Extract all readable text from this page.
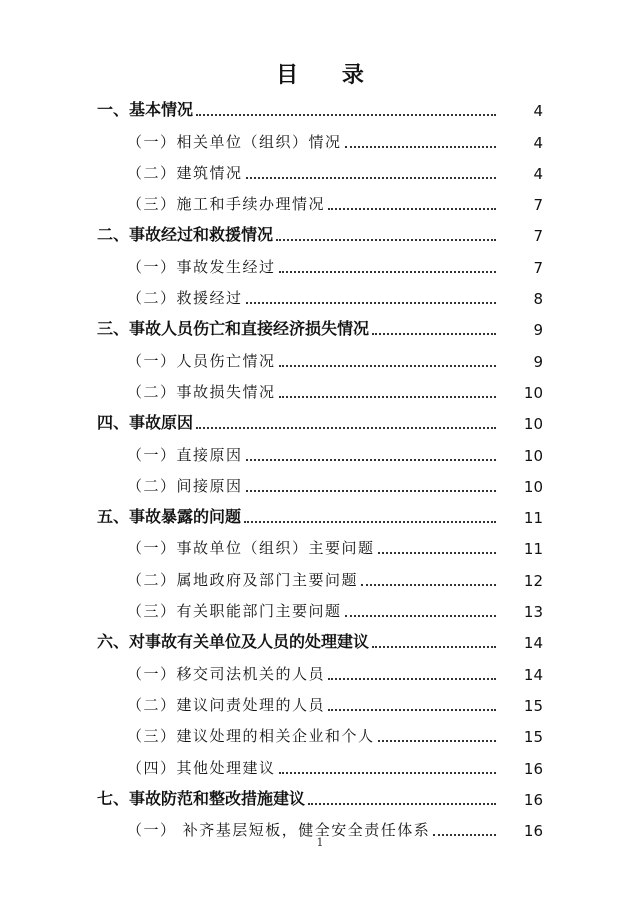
目 录
一、基本情况	4
（一）相关单位（组织）情况	4
（二）建筑情况	4
（三）施工和手续办理情况	7
二、事故经过和救援情况	7
（一）事故发生经过	7
（二）救援经过	8
三、事故人员伤亡和直接经济损失情况	9
（一）人员伤亡情况	9
（二）事故损失情况	10
四、事故原因	10
（一）直接原因	10
（二）间接原因	10
五、事故暴露的问题	11
（一）事故单位（组织）主要问题	11
（二）属地政府及部门主要问题	12
（三）有关职能部门主要问题	13
六、对事故有关单位及人员的处理建议	14
（一）移交司法机关的人员	14
（二）建议问责处理的人员	15
（三）建议处理的相关企业和个人	15
（四）其他处理建议	16
七、事故防范和整改措施建议	16
（一） 补齐基层短板，健全安全责任体系	16
1
